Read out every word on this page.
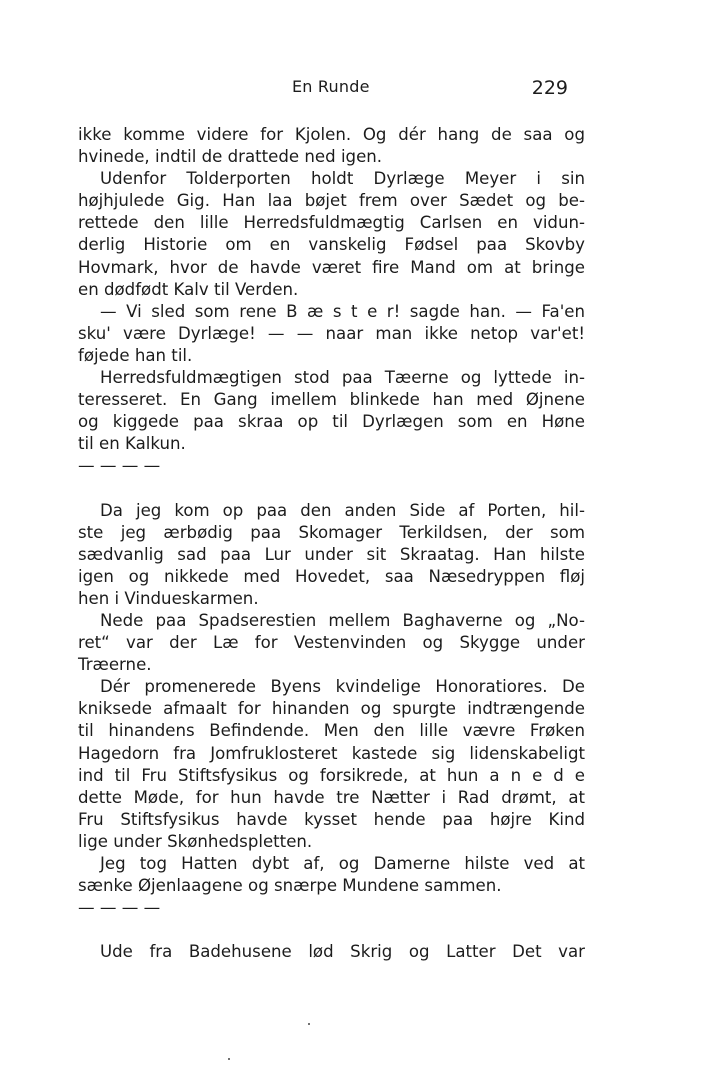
En Runde	229
ikke komme videre for Kjolen. Og dér hang de saa og
hvinede, indtil de drattede ned igen.
Udenfor Tolderporten holdt Dyrlæge Meyer i sin
højhjulede Gig. Han laa bøjet frem over Sædet og be-
rettede den lille Herredsfuldmægtig Carlsen en vidun-
derlig Historie om en vanskelig Fødsel paa Skovby
Hovmark, hvor de havde været fire Mand om at bringe
en dødfødt Kalv til Verden.
— Vi sled som rene B æ s t e r! sagde han. — Fa'en
sku' være Dyrlæge! — — naar man ikke netop var'et!
føjede han til.
Herredsfuldmægtigen stod paa Tæerne og lyttede in-
teresseret. En Gang imellem blinkede han med Øjnene
og kiggede paa skraa op til Dyrlægen som en Høne
til en Kalkun.
— — — —
Da jeg kom op paa den anden Side af Porten, hil-
ste jeg ærbødig paa Skomager Terkildsen, der som
sædvanlig sad paa Lur under sit Skraatag. Han hilste
igen og nikkede med Hovedet, saa Næsedryppen fløj
hen i Vindueskarmen.
Nede paa Spadserestien mellem Baghaverne og „No-
ret“ var der Læ for Vestenvinden og Skygge under
Træerne.
Dér promenerede Byens kvindelige Honoratiores. De
kniksede afmaalt for hinanden og spurgte indtrængende
til hinandens Befindende. Men den lille vævre Frøken
Hagedorn fra Jomfruklosteret kastede sig lidenskabeligt
ind til Fru Stiftsfysikus og forsikrede, at hun a n e d e
dette Møde, for hun havde tre Nætter i Rad drømt, at
Fru Stiftsfysikus havde kysset hende paa højre Kind
lige under Skønhedspletten.
Jeg tog Hatten dybt af, og Damerne hilste ved at
sænke Øjenlaagene og snærpe Mundene sammen.
— — — —
Ude fra Badehusene lød Skrig og Latter Det var
